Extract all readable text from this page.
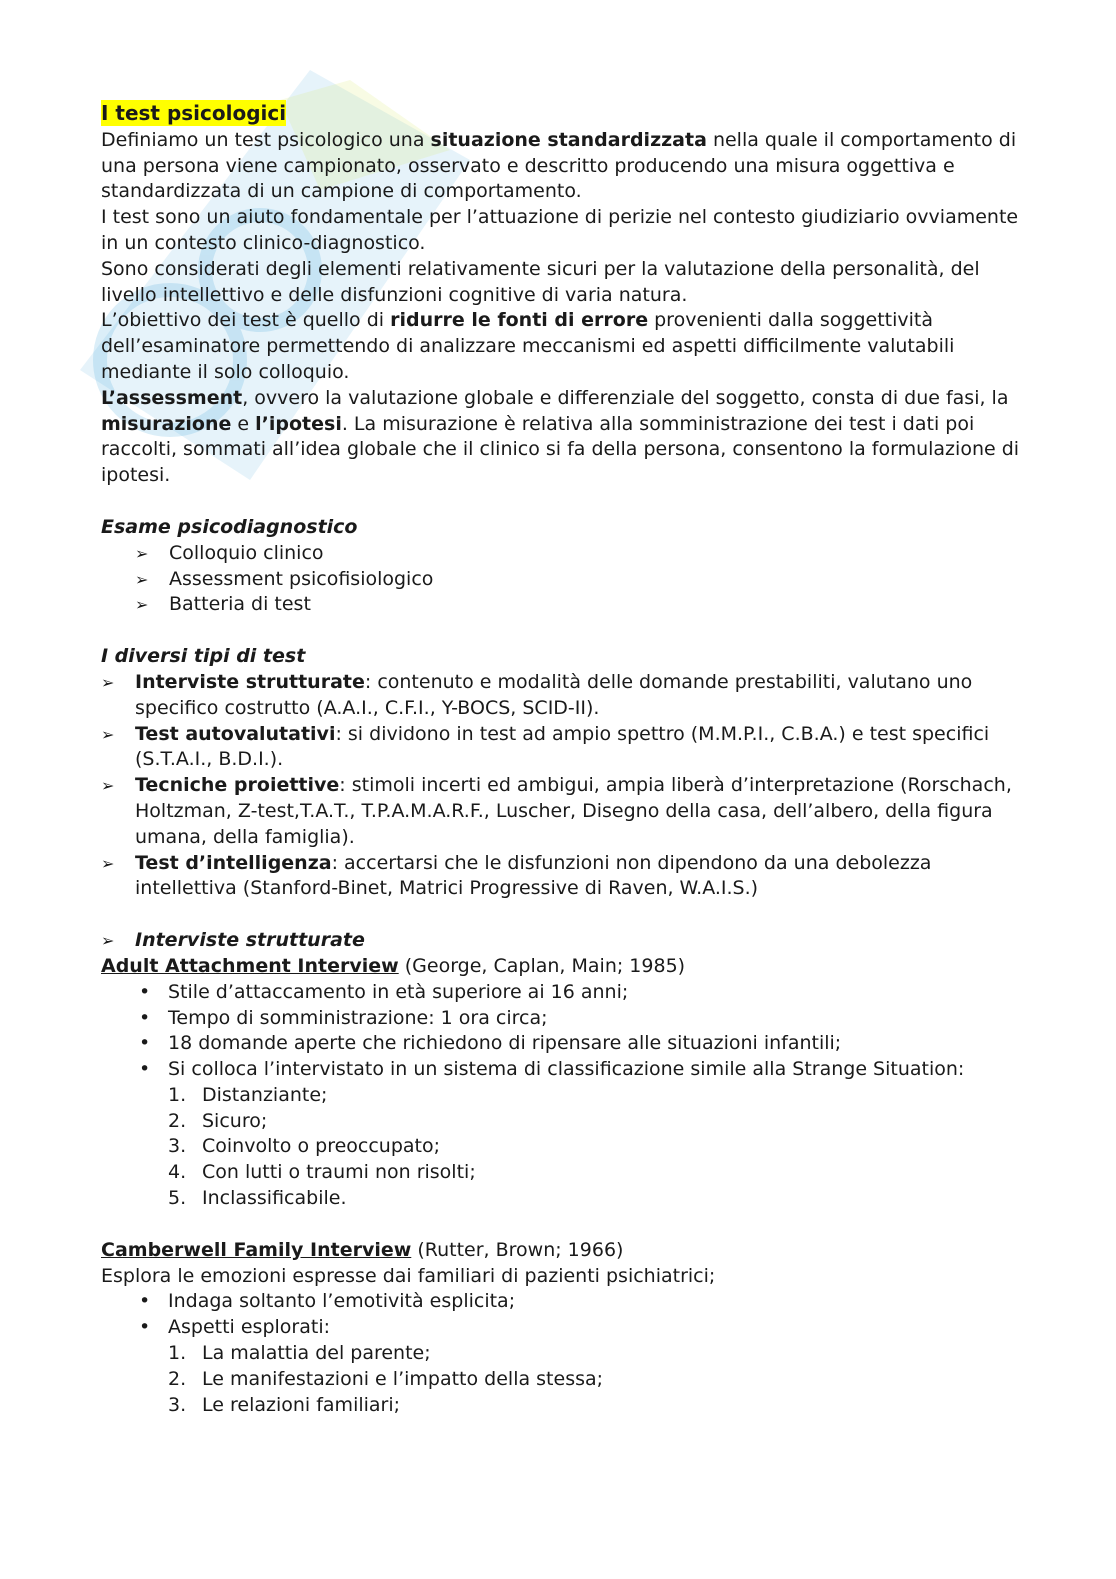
I test psicologici

Definiamo un test psicologico una situazione standardizzata nella quale il comportamento di una persona viene campionato, osservato e descritto producendo una misura oggettiva e standardizzata di un campione di comportamento.

I test sono un aiuto fondamentale per l’attuazione di perizie nel contesto giudiziario ovviamente in un contesto clinico-diagnostico.

Sono considerati degli elementi relativamente sicuri per la valutazione della personalità, del livello intellettivo e delle disfunzioni cognitive di varia natura.

L’obiettivo dei test è quello di ridurre le fonti di errore provenienti dalla soggettività dell’esaminatore permettendo di analizzare meccanismi ed aspetti difficilmente valutabili mediante il solo colloquio.

L’assessment, ovvero la valutazione globale e differenziale del soggetto, consta di due fasi, la misurazione e l’ipotesi. La misurazione è relativa alla somministrazione dei test i dati poi raccolti, sommati all’idea globale che il clinico si fa della persona, consentono la formulazione di ipotesi.

Esame psicodiagnostico
➢	Colloquio clinico
➢	Assessment psicofisiologico
➢	Batteria di test
I diversi tipi di test
➢	Interviste strutturate: contenuto e modalità delle domande prestabiliti, valutano uno specifico costrutto (A.A.I., C.F.I., Y-BOCS, SCID-II).
➢	Test autovalutativi: si dividono in test ad ampio spettro (M.M.P.I., C.B.A.) e test specifici (S.T.A.I., B.D.I.).
➢	Tecniche proiettive: stimoli incerti ed ambigui, ampia liberà d’interpretazione (Rorschach, Holtzman, Z-test,T.A.T., T.P.A.M.A.R.F., Luscher, Disegno della casa, dell’albero, della figura umana, della famiglia).
➢	Test d’intelligenza: accertarsi che le disfunzioni non dipendono da una debolezza intellettiva (Stanford-Binet, Matrici Progressive di Raven, W.A.I.S.)
➢ Interviste strutturate

Adult Attachment Interview (George, Caplan, Main; 1985)

• Stile d’attaccamento in età superiore ai 16 anni;
• Tempo di somministrazione: 1 ora circa;
• 18 domande aperte che richiedono di ripensare alle situazioni infantili;
• Si colloca l’intervistato in un sistema di classificazione simile alla Strange Situation:
1. Distanziante;
2. Sicuro;
3. Coinvolto o preoccupato;
4. Con lutti o traumi non risolti;
5. Inclassificabile.

Camberwell Family Interview (Rutter, Brown; 1966)

Esplora le emozioni espresse dai familiari di pazienti psichiatrici;

• Indaga soltanto l’emotività esplicita;
• Aspetti esplorati:
1. La malattia del parente;
2. Le manifestazioni e l’impatto della stessa;
3. Le relazioni familiari;
